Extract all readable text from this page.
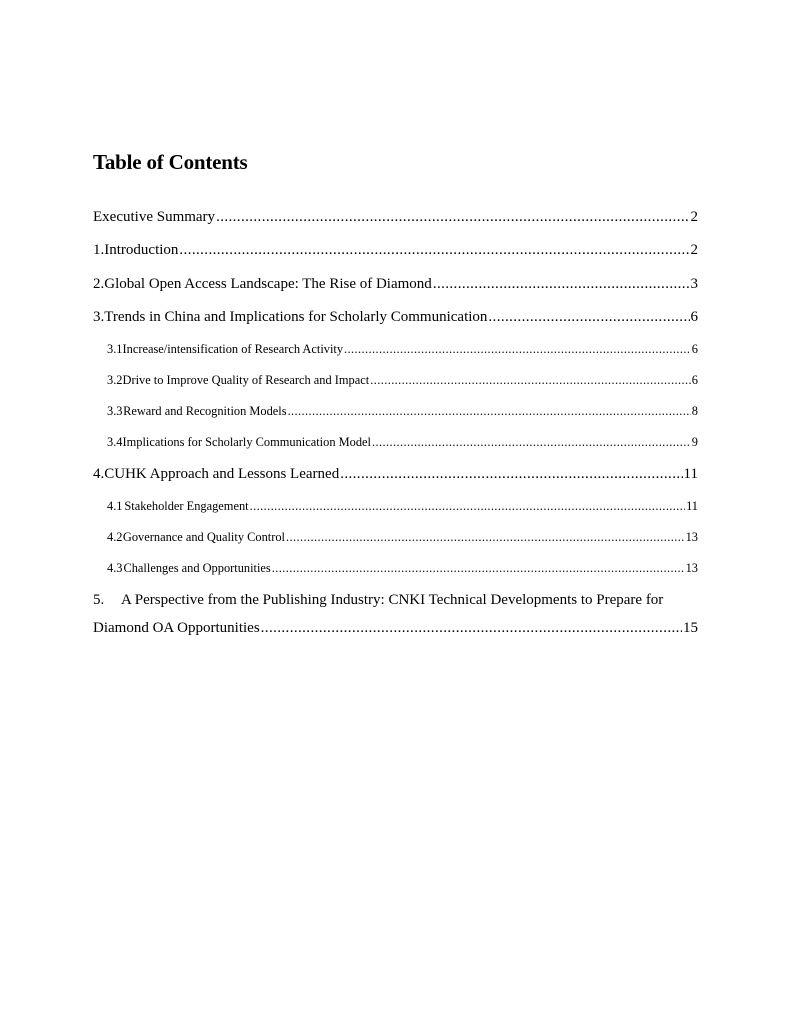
Table of Contents
Executive Summary .....	2
1. Introduction .....	2
2. Global Open Access Landscape: The Rise of Diamond .....	3
3. Trends in China and Implications for Scholarly Communication .....	6
3.1 Increase/intensification of Research Activity .....	6
3.2 Drive to Improve Quality of Research and Impact .....	6
3.3 Reward and Recognition Models .....	8
3.4 Implications for Scholarly Communication Model .....	9
4. CUHK Approach and Lessons Learned .....	11
4.1 Stakeholder Engagement .....	11
4.2 Governance and Quality Control .....	13
4.3 Challenges and Opportunities .....	13
5.	A Perspective from the Publishing Industry: CNKI Technical Developments to Prepare for
Diamond OA Opportunities .....	15
